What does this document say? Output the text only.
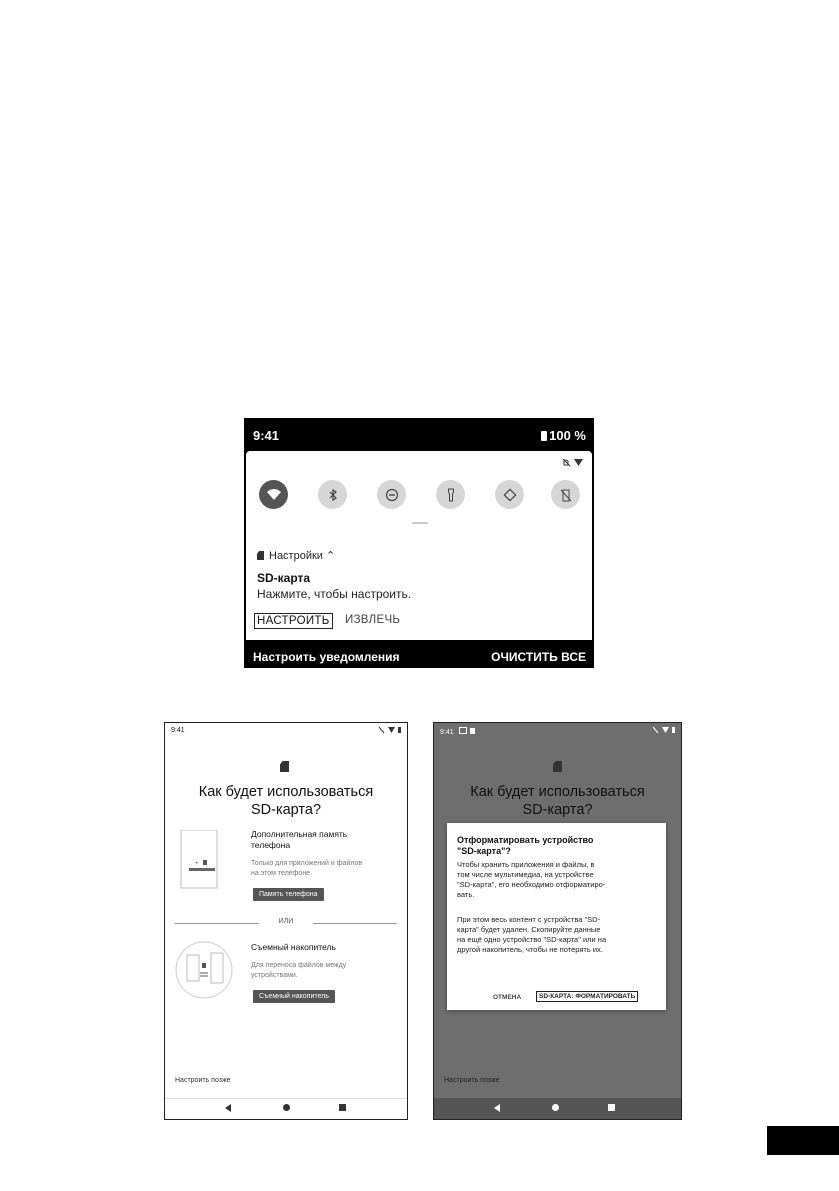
9:41	100 %
Настройки ⌃
SD-карта
Нажмите, чтобы настроить.
НАСТРОИТЬ ИЗВЛЕЧЬ
Настроить уведомления	ОЧИСТИТЬ ВСЕ
9:41
Как будет использоваться
SD-карта?
+
Дополнительная память
телефона
Только для приложений и файлов
на этом телефоне.
Память телефона
ИЛИ
Съемный накопитель
Для переноса файлов между
устройствами.
Съемный накопитель
Настроить позже
9:41
Как будет использоваться
SD-карта?
Отформатировать устройство
"SD-карта"?
Чтобы хранить приложения и файлы, в
том числе мультимедиа, на устройстве
"SD-карта", его необходимо отформатиро-
вать.
При этом весь контент с устройства "SD-
карта" будет удален. Скопируйте данные
на ещё одно устройство "SD-карта" или на
другой накопитель, чтобы не потерять их.
ОТМЕНА	SD-КАРТА: ФОРМАТИРОВАТЬ
Настроить позже
